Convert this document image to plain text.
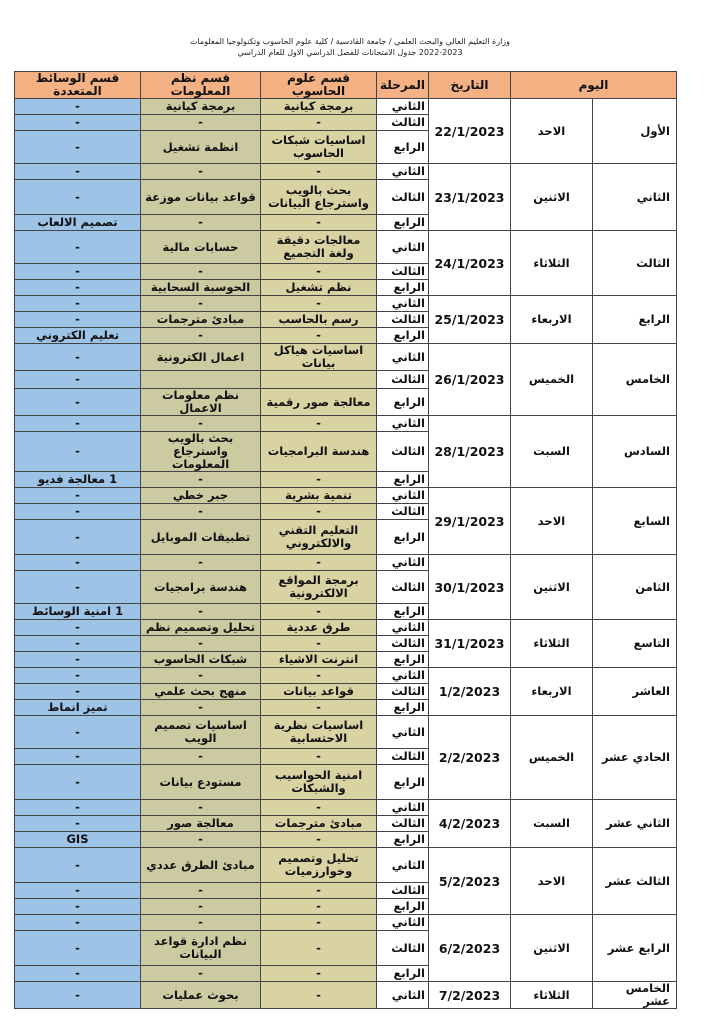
وزارة التعليم العالي والبحث العلمي / جامعة القادسية / كلية علوم الحاسوب وتكنولوجيا المعلومات
2022-2023 جدول الامتحانات للفصل الدراسي الاول للعام الدراسي
اليوم		التاريخ	المرحلة	قسم علوم الحاسوب	قسم نظم المعلومات	قسم الوسائط المتعددة
الأول	الاحد	22/1/2023	الثاني	برمجة كيانية	برمجة كيانية	-
			الثالث	-	-	-
			الرابع	اساسيات شبكات الحاسوب	انظمة تشغيل	-
الثاني	الاثنين	23/1/2023	الثاني	-	-	-
			الثالث	بحث بالويب واسترجاع البيانات	قواعد بيانات موزعة	-
			الرابع	-	-	تصميم الالعاب
الثالث	الثلاثاء	24/1/2023	الثاني	معالجات دقيقة ولغة التجميع	حسابات مالية	-
			الثالث	-	-	-
			الرابع	نظم تشغيل	الحوسبة السحابية	-
الرابع	الاربعاء	25/1/2023	الثاني	-	-	-
			الثالث	رسم بالحاسب	مبادئ مترجمات	-
			الرابع	-	-	تعليم الكتروني
الخامس	الخميس	26/1/2023	الثاني	اساسيات هياكل بيانات	اعمال الكترونية	-
			الثالث			-
			الرابع	معالجة صور رقمية	نظم معلومات الاعمال	-
السادس	السبت	28/1/2023	الثاني	-	-	-
			الثالث	هندسة البرامجيات	بحث بالويب واسترجاع المعلومات	-
			الرابع	-	-	1 معالجة فديو
السابع	الاحد	29/1/2023	الثاني	تنمية بشرية	جبر خطي	-
			الثالث	-	-	-
			الرابع	التعليم التقني والالكتروني	تطبيقات الموبايل	-
الثامن	الاثنين	30/1/2023	الثاني	-	-	-
			الثالث	برمجة المواقع الالكترونية	هندسة برامجيات	-
			الرابع	-	-	1 امنية الوسائط
التاسع	الثلاثاء	31/1/2023	الثاني	طرق عددية	تحليل وتصميم نظم	-
			الثالث	-	-	-
			الرابع	انترنت الاشياء	شبكات الحاسوب	-
العاشر	الاربعاء	1/2/2023	الثاني	-	-	-
			الثالث	قواعد بيانات	منهج بحث علمي	-
			الرابع	-	-	تميز انماط
الحادي عشر	الخميس	2/2/2023	الثاني	اساسيات نظرية الاحتسابية	اساسيات تصميم الويب	-
			الثالث	-	-	-
			الرابع	امنية الحواسيب والشبكات	مستودع بيانات	-
الثاني عشر	السبت	4/2/2023	الثاني	-	-	-
			الثالث	مبادئ مترجمات	معالجة صور	-
			الرابع	-	-	GIS
الثالث عشر	الاحد	5/2/2023	الثاني	تحليل وتصميم وخوارزميات	مبادئ الطرق عددي	-
			الثالث	-	-	-
			الرابع	-	-	-
الرابع عشر	الاثنين	6/2/2023	الثاني	-	-	-
			الثالث	-	نظم ادارة قواعد البيانات	-
			الرابع	-	-	-
الخامس عشر	الثلاثاء	7/2/2023	الثاني	-	بحوث عمليات	-
